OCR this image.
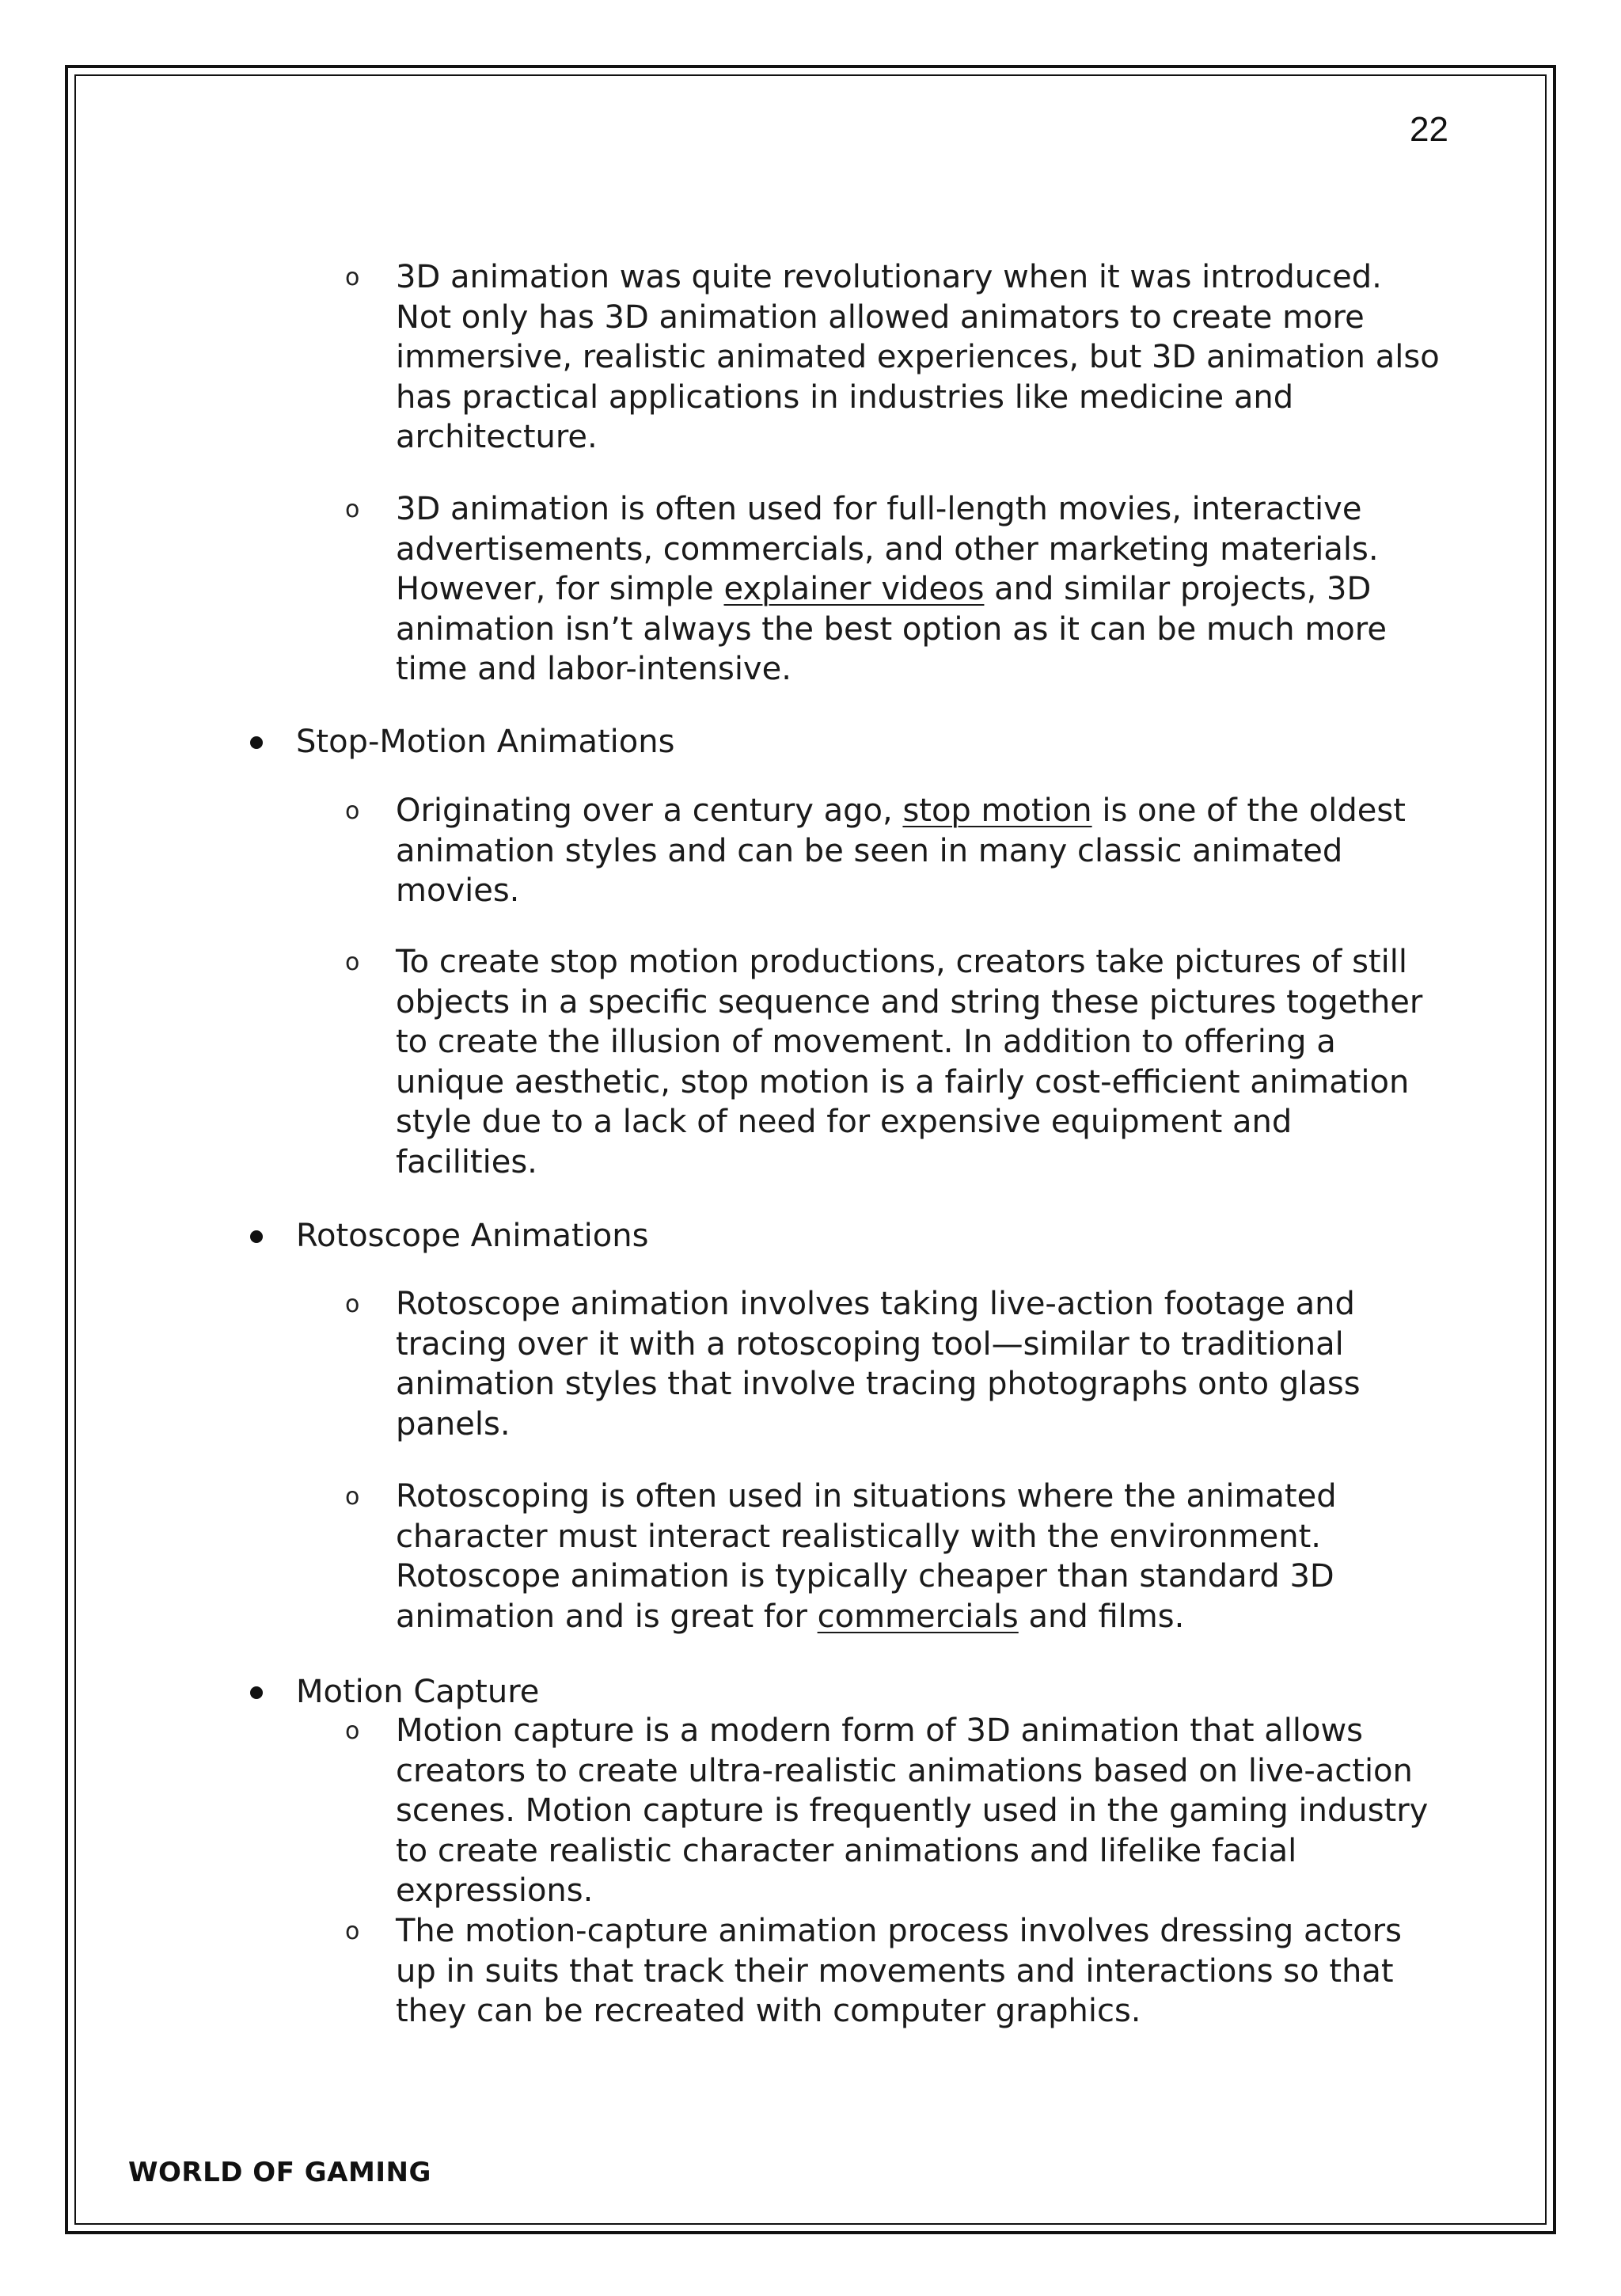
22
o 3D animation was quite revolutionary when it was introduced. Not only has 3D animation allowed animators to create more immersive, realistic animated experiences, but 3D animation also has practical applications in industries like medicine and architecture.
o 3D animation is often used for full-length movies, interactive advertisements, commercials, and other marketing materials. However, for simple explainer videos and similar projects, 3D animation isn’t always the best option as it can be much more time and labor-intensive.
Stop-Motion Animations
o Originating over a century ago, stop motion is one of the oldest animation styles and can be seen in many classic animated movies.
o To create stop motion productions, creators take pictures of still objects in a specific sequence and string these pictures together to create the illusion of movement. In addition to offering a unique aesthetic, stop motion is a fairly cost-efficient animation style due to a lack of need for expensive equipment and facilities.
Rotoscope Animations
o Rotoscope animation involves taking live-action footage and tracing over it with a rotoscoping tool—similar to traditional animation styles that involve tracing photographs onto glass panels.
o Rotoscoping is often used in situations where the animated character must interact realistically with the environment. Rotoscope animation is typically cheaper than standard 3D animation and is great for commercials and films.
Motion Capture
o Motion capture is a modern form of 3D animation that allows creators to create ultra-realistic animations based on live-action scenes. Motion capture is frequently used in the gaming industry to create realistic character animations and lifelike facial expressions.
o The motion-capture animation process involves dressing actors up in suits that track their movements and interactions so that they can be recreated with computer graphics.
WORLD OF GAMING
